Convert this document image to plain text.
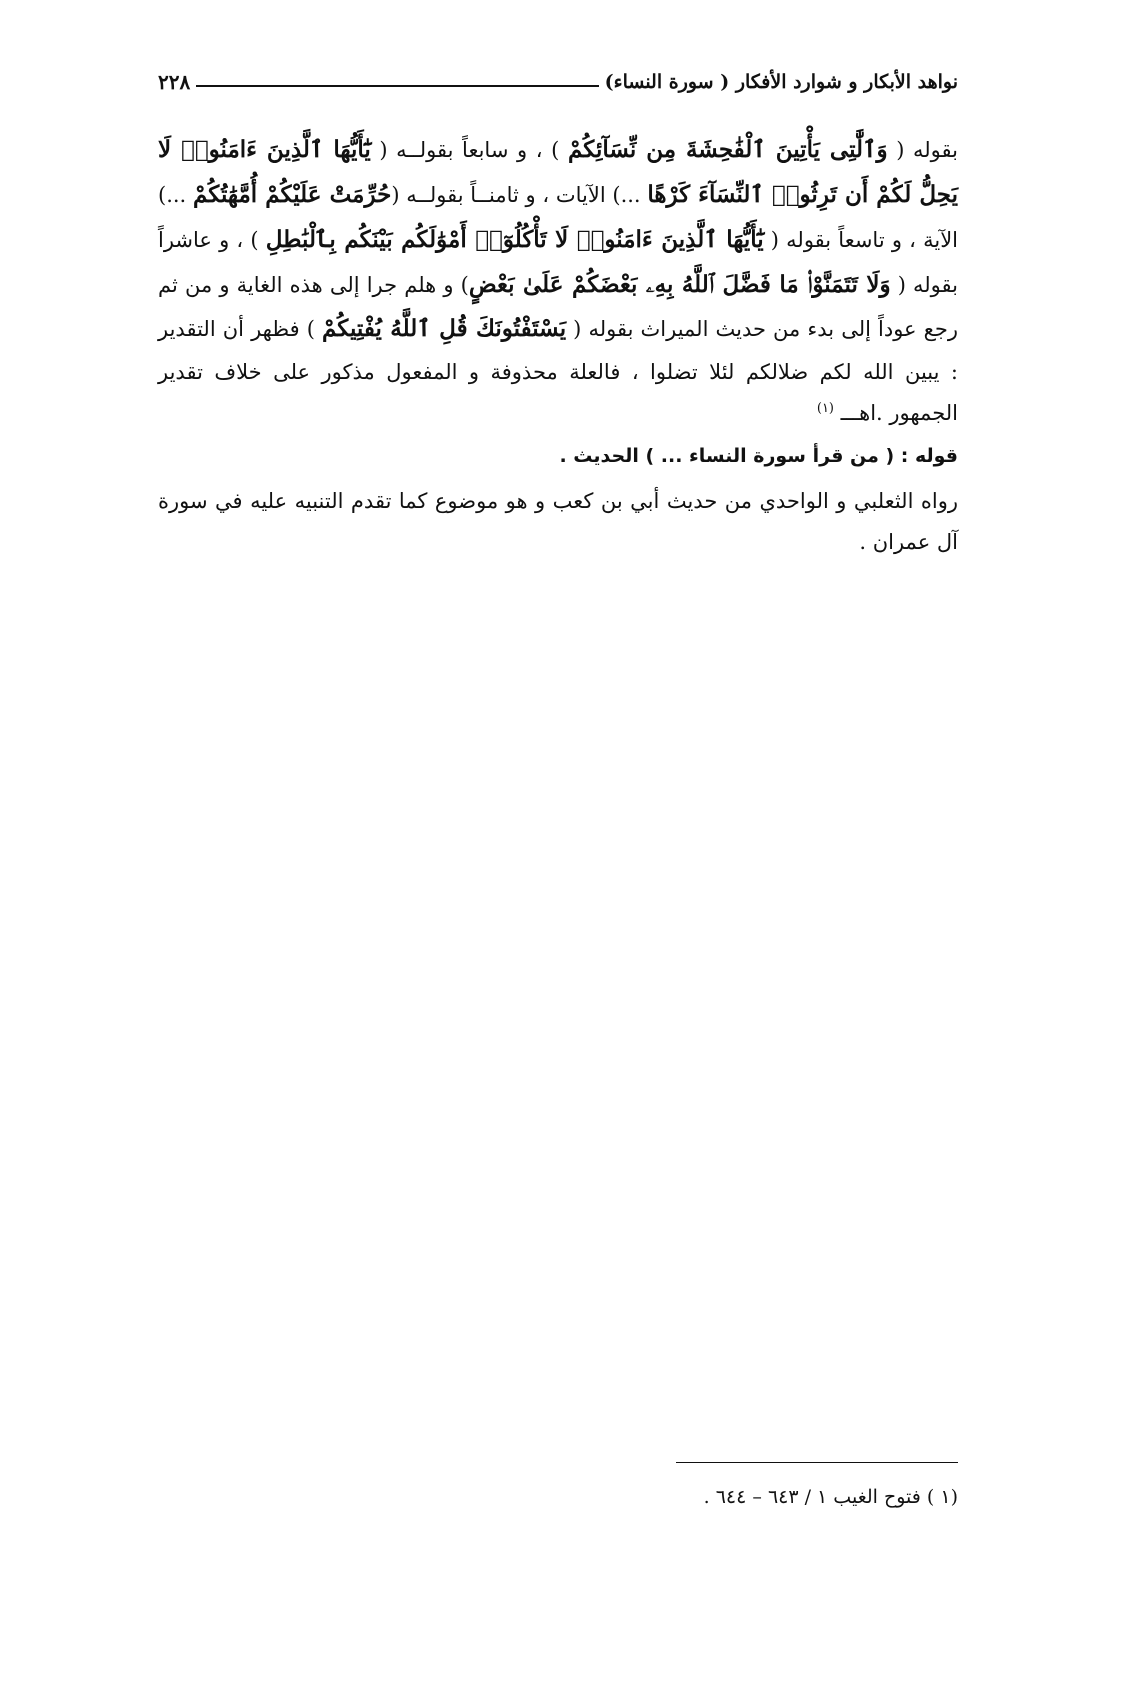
نواهد الأبكار و شوارد الأفكار ( سورة النساء)
٢٢٨

بقوله ( وَٱلَّٰتِى يَأْتِينَ ٱلْفَٰحِشَةَ مِن نِّسَآئِكُمْ ) ، و سابعاً بقولــه ( يَٰٓأَيُّهَا ٱلَّذِينَ ءَامَنُوا۟ لَا يَحِلُّ لَكُمْ أَن تَرِثُوا۟ ٱلنِّسَآءَ كَرْهًا ...) الآيات ، و ثامنــاً بقولــه (حُرِّمَتْ عَلَيْكُمْ أُمَّهَٰتُكُمْ ...) الآية ، و تاسعاً بقوله ( يَٰٓأَيُّهَا ٱلَّذِينَ ءَامَنُوا۟ لَا تَأْكُلُوٓا۟ أَمْوَٰلَكُم بَيْنَكُم بِٱلْبَٰطِلِ ) ، و عاشراً بقوله ( وَلَا تَتَمَنَّوْا۟ مَا فَضَّلَ ٱللَّهُ بِهِۦ بَعْضَكُمْ عَلَىٰ بَعْضٍ) و هلم جرا إلى هذه الغاية و من ثم رجع عوداً إلى بدء من حديث الميراث بقوله ( يَسْتَفْتُونَكَ قُلِ ٱللَّهُ يُفْتِيكُمْ ) فظهر أن التقدير : يبين الله لكم ضلالكم لئلا تضلوا ، فالعلة محذوفة و المفعول مذكور على خلاف تقدير الجمهور .اهـــ $^{(١)}$

قوله : ( من قرأ سورة النساء ... ) الحديث .

رواه الثعلبي و الواحدي من حديث أبي بن كعب و هو موضوع كما تقدم التنبيه عليه في سورة آل عمران .

(١ ) فتوح الغيب ١ / ٦٤٣ – ٦٤٤ .
